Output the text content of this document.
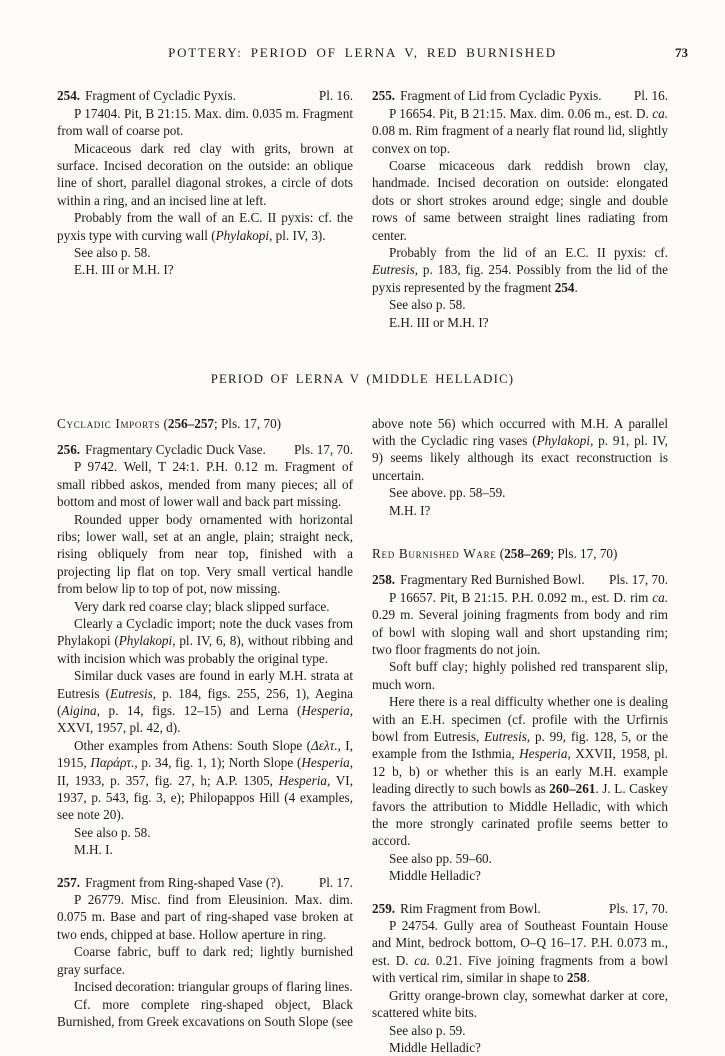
POTTERY: PERIOD OF LERNA V, RED BURNISHED	73

254. Fragment of Cycladic Pyxis.	Pl. 16.

P 17404. Pit, B 21:15. Max. dim. 0.035 m. Fragment from wall of coarse pot.

Micaceous dark red clay with grits, brown at surface. Incised decoration on the outside: an oblique line of short, parallel diagonal strokes, a circle of dots within a ring, and an incised line at left.

Probably from the wall of an E.C. II pyxis: cf. the pyxis type with curving wall (Phylakopi, pl. IV, 3).

See also p. 58.

E.H. III or M.H. I?

255. Fragment of Lid from Cycladic Pyxis. Pl. 16.

P 16654. Pit, B 21:15. Max. dim. 0.06 m., est. D. ca. 0.08 m. Rim fragment of a nearly flat round lid, slightly convex on top.

Coarse micaceous dark reddish brown clay, handmade. Incised decoration on outside: elongated dots or short strokes around edge; single and double rows of same between straight lines radiating from center.

Probably from the lid of an E.C. II pyxis: cf. Eutresis, p. 183, fig. 254. Possibly from the lid of the pyxis represented by the fragment 254.

See also p. 58.

E.H. III or M.H. I?

PERIOD OF LERNA V (MIDDLE HELLADIC)

Cycladic Imports (256–257; Pls. 17, 70)

256. Fragmentary Cycladic Duck Vase. Pls. 17, 70.

P 9742. Well, T 24:1. P.H. 0.12 m. Fragment of small ribbed askos, mended from many pieces; all of bottom and most of lower wall and back part missing.

Rounded upper body ornamented with horizontal ribs; lower wall, set at an angle, plain; straight neck, rising obliquely from near top, finished with a projecting lip flat on top. Very small vertical handle from below lip to top of pot, now missing.

Very dark red coarse clay; black slipped surface.

Clearly a Cycladic import; note the duck vases from Phylakopi (Phylakopi, pl. IV, 6, 8), without ribbing and with incision which was probably the original type.

Similar duck vases are found in early M.H. strata at Eutresis (Eutresis, p. 184, figs. 255, 256, 1), Aegina (Aigina, p. 14, figs. 12–15) and Lerna (Hesperia, XXVI, 1957, pl. 42, d).

Other examples from Athens: South Slope (Δελτ., I, 1915, Παράρτ., p. 34, fig. 1, 1); North Slope (Hesperia, II, 1933, p. 357, fig. 27, h; A.P. 1305, Hesperia, VI, 1937, p. 543, fig. 3, e); Philopappos Hill (4 examples, see note 20).

See also p. 58.

M.H. I.

257. Fragment from Ring-shaped Vase (?).	Pl. 17.

P 26779. Misc. find from Eleusinion. Max. dim. 0.075 m. Base and part of ring-shaped vase broken at two ends, chipped at base. Hollow aperture in ring.

Coarse fabric, buff to dark red; lightly burnished gray surface.

Incised decoration: triangular groups of flaring lines.

Cf. more complete ring-shaped object, Black Burnished, from Greek excavations on South Slope (see

above note 56) which occurred with M.H. A parallel with the Cycladic ring vases (Phylakopi, p. 91, pl. IV, 9) seems likely although its exact reconstruction is uncertain.

See above. pp. 58–59.

M.H. I?

Red Burnished Ware (258–269; Pls. 17, 70)

258. Fragmentary Red Burnished Bowl. Pls. 17, 70.

P 16657. Pit, B 21:15. P.H. 0.092 m., est. D. rim ca. 0.29 m. Several joining fragments from body and rim of bowl with sloping wall and short upstanding rim; two floor fragments do not join.

Soft buff clay; highly polished red transparent slip, much worn.

Here there is a real difficulty whether one is dealing with an E.H. specimen (cf. profile with the Urfirnis bowl from Eutresis, Eutresis, p. 99, fig. 128, 5, or the example from the Isthmia, Hesperia, XXVII, 1958, pl. 12 b, b) or whether this is an early M.H. example leading directly to such bowls as 260–261. J. L. Caskey favors the attribution to Middle Helladic, with which the more strongly carinated profile seems better to accord.

See also pp. 59–60.

Middle Helladic?

259. Rim Fragment from Bowl.	Pls. 17, 70.

P 24754. Gully area of Southeast Fountain House and Mint, bedrock bottom, O–Q 16–17. P.H. 0.073 m., est. D. ca. 0.21. Five joining fragments from a bowl with vertical rim, similar in shape to 258.

Gritty orange-brown clay, somewhat darker at core, scattered white bits.

See also p. 59.

Middle Helladic?
